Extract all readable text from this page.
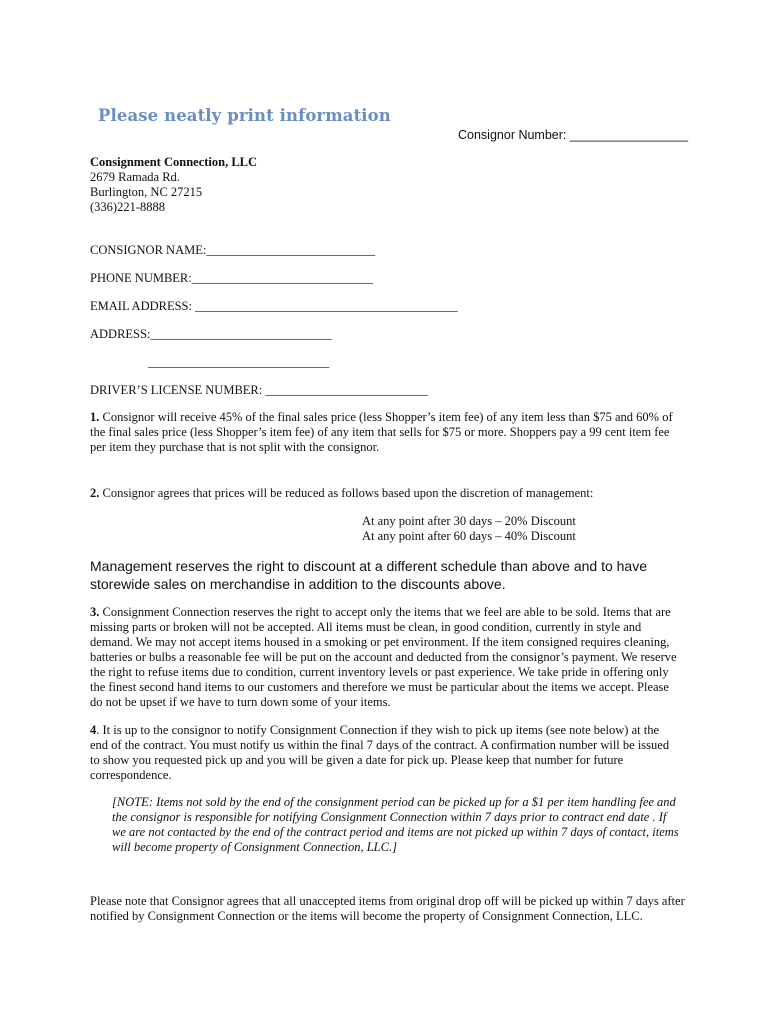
Please neatly print information
Consignor Number: _________________
Consignment Connection, LLC
2679 Ramada Rd.
Burlington, NC 27215
(336)221-8888
CONSIGNOR NAME:___________________________
PHONE NUMBER:_____________________________
EMAIL ADDRESS: __________________________________________
ADDRESS:_____________________________
_____________________________
DRIVER’S LICENSE NUMBER: __________________________
1. Consignor will receive 45% of the final sales price (less Shopper’s item fee) of any item less than $75 and 60% of the final sales price (less Shopper’s item fee) of any item that sells for $75 or more. Shoppers pay a 99 cent item fee per item they purchase that is not split with the consignor.
2. Consignor agrees that prices will be reduced as follows based upon the discretion of management:
At any point after 30 days – 20% Discount
At any point after 60 days – 40% Discount
Management reserves the right to discount at a different schedule than above and to have storewide sales on merchandise in addition to the discounts above.
3. Consignment Connection reserves the right to accept only the items that we feel are able to be sold. Items that are missing parts or broken will not be accepted. All items must be clean, in good condition, currently in style and demand. We may not accept items housed in a smoking or pet environment. If the item consigned requires cleaning, batteries or bulbs a reasonable fee will be put on the account and deducted from the consignor’s payment. We reserve the right to refuse items due to condition, current inventory levels or past experience. We take pride in offering only the finest second hand items to our customers and therefore we must be particular about the items we accept. Please do not be upset if we have to turn down some of your items.
4. It is up to the consignor to notify Consignment Connection if they wish to pick up items (see note below) at the end of the contract. You must notify us within the final 7 days of the contract. A confirmation number will be issued to show you requested pick up and you will be given a date for pick up. Please keep that number for future correspondence.
[NOTE: Items not sold by the end of the consignment period can be picked up for a $1 per item handling fee and the consignor is responsible for notifying Consignment Connection within 7 days prior to contract end date . If we are not contacted by the end of the contract period and items are not picked up within 7 days of contact, items will become property of Consignment Connection, LLC.]
Please note that Consignor agrees that all unaccepted items from original drop off will be picked up within 7 days after notified by Consignment Connection or the items will become the property of Consignment Connection, LLC.
